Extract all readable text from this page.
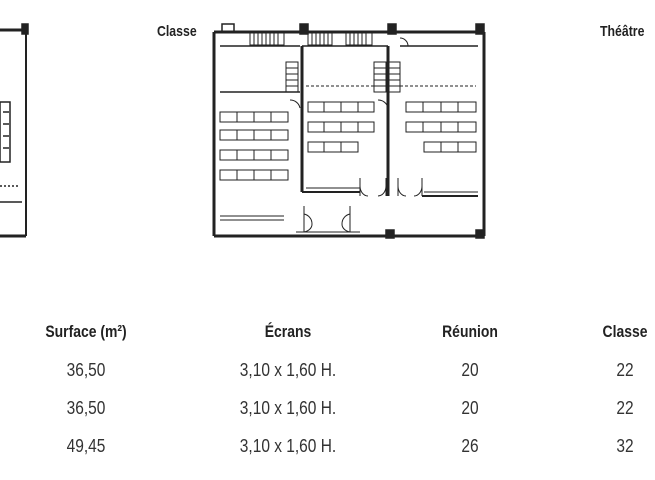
Classe	Théâtre
Surface (m²)	Écrans	Réunion	Classe
36,50	3,10 x 1,60 H.	20	22
36,50	3,10 x 1,60 H.	20	22
49,45	3,10 x 1,60 H.	26	32
